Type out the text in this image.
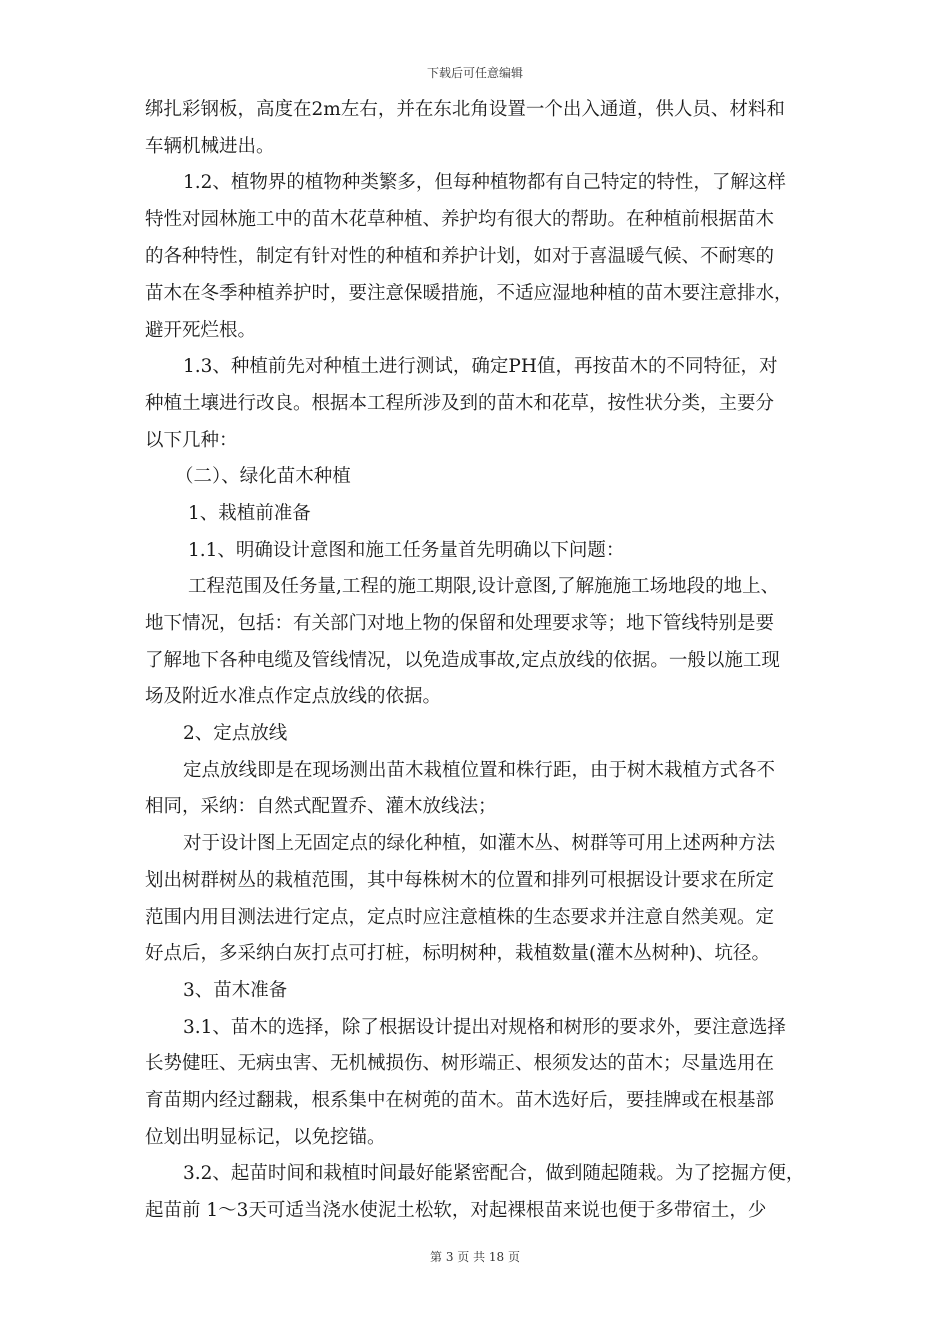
下载后可任意编辑
绑扎彩钢板，高度在2m左右，并在东北角设置一个出入通道，供人员、材料和
车辆机械进出。
1.2、植物界的植物种类繁多，但每种植物都有自己特定的特性，了解这样
特性对园林施工中的苗木花草种植、养护均有很大的帮助。在种植前根据苗木
的各种特性，制定有针对性的种植和养护计划，如对于喜温暖气候、不耐寒的
苗木在冬季种植养护时，要注意保暖措施，不适应湿地种植的苗木要注意排水，
避开死烂根。
1.3、种植前先对种植土进行测试，确定PH值，再按苗木的不同特征，对
种植土壤进行改良。根据本工程所涉及到的苗木和花草，按性状分类，主要分
以下几种：
（二）、绿化苗木种植
1、栽植前准备
1.1、明确设计意图和施工任务量首先明确以下问题：
工程范围及任务量,工程的施工期限,设计意图,了解施施工场地段的地上、
地下情况，包括：有关部门对地上物的保留和处理要求等；地下管线特别是要
了解地下各种电缆及管线情况，以免造成事故,定点放线的依据。一般以施工现
场及附近水准点作定点放线的依据。
2、定点放线
定点放线即是在现场测出苗木栽植位置和株行距，由于树木栽植方式各不
相同，采纳：自然式配置乔、灌木放线法；
对于设计图上无固定点的绿化种植，如灌木丛、树群等可用上述两种方法
划出树群树丛的栽植范围，其中每株树木的位置和排列可根据设计要求在所定
范围内用目测法进行定点，定点时应注意植株的生态要求并注意自然美观。定
好点后，多采纳白灰打点可打桩，标明树种，栽植数量(灌木丛树种)、坑径。
3、苗木准备
3.1、苗木的选择，除了根据设计提出对规格和树形的要求外，要注意选择
长势健旺、无病虫害、无机械损伤、树形端正、根须发达的苗木；尽量选用在
育苗期内经过翻栽，根系集中在树蔸的苗木。苗木选好后，要挂牌或在根基部
位划出明显标记，以免挖锚。
3.2、起苗时间和栽植时间最好能紧密配合，做到随起随栽。为了挖掘方便，
起苗前 1～3天可适当浇水使泥土松软，对起裸根苗来说也便于多带宿土，少
第 3 页 共 18 页
